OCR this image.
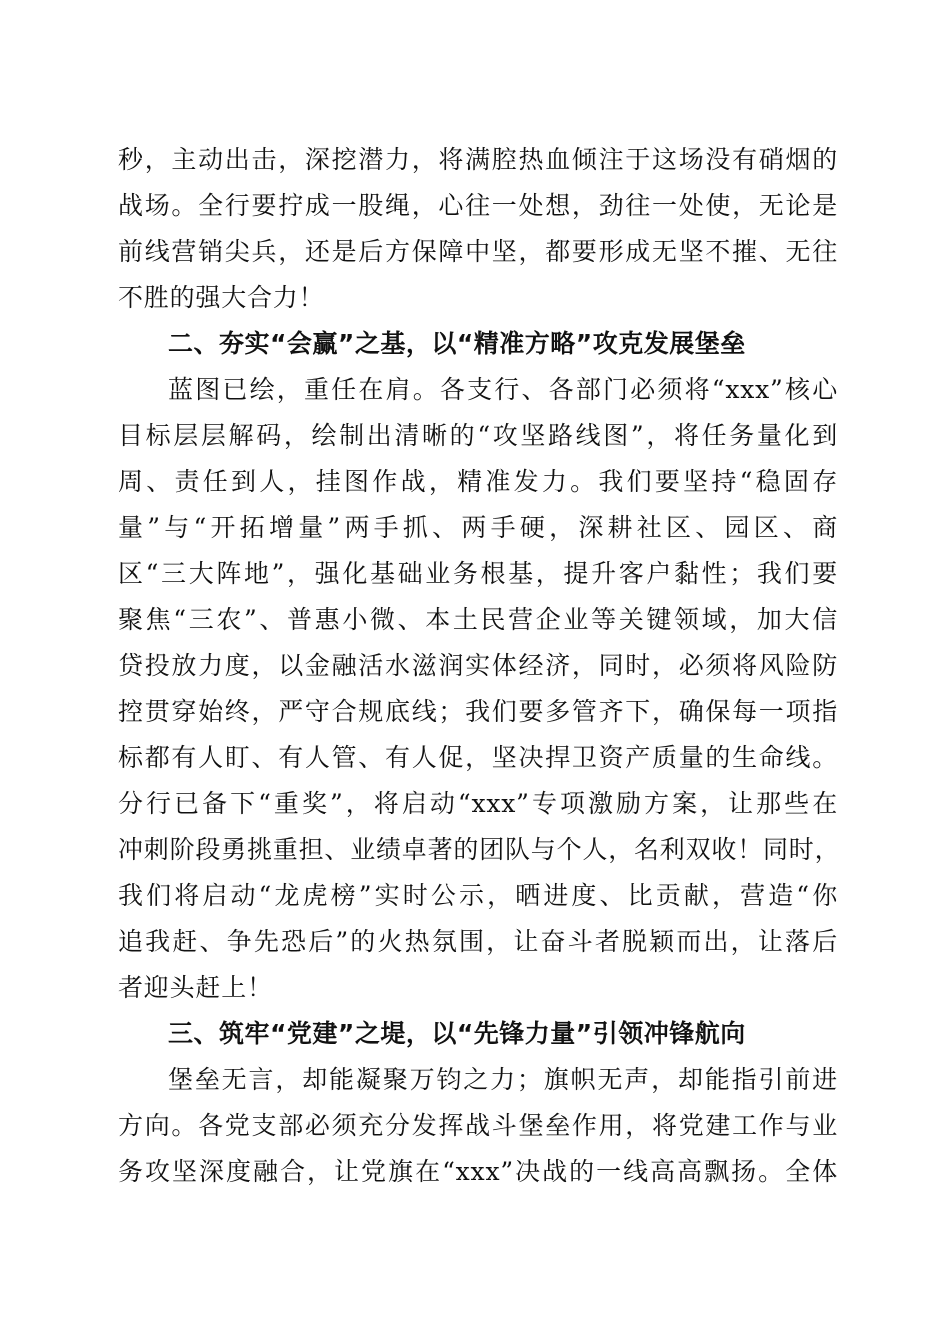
秒，主动出击，深挖潜力，将满腔热血倾注于这场没有硝烟的
战场。全行要拧成一股绳，心往一处想，劲往一处使，无论是
前线营销尖兵，还是后方保障中坚，都要形成无坚不摧、无往
不胜的强大合力！
二、夯实“会赢”之基，以“精准方略”攻克发展堡垒
蓝图已绘，重任在肩。各支行、各部门必须将“xxx”核心
目标层层解码，绘制出清晰的“攻坚路线图”，将任务量化到
周、责任到人，挂图作战，精准发力。我们要坚持“稳固存
量”与“开拓增量”两手抓、两手硬，深耕社区、园区、商
区“三大阵地”，强化基础业务根基，提升客户黏性；我们要
聚焦“三农”、普惠小微、本土民营企业等关键领域，加大信
贷投放力度，以金融活水滋润实体经济，同时，必须将风险防
控贯穿始终，严守合规底线；我们要多管齐下，确保每一项指
标都有人盯、有人管、有人促，坚决捍卫资产质量的生命线。
分行已备下“重奖”，将启动“xxx”专项激励方案，让那些在
冲刺阶段勇挑重担、业绩卓著的团队与个人，名利双收！同时，
我们将启动“龙虎榜”实时公示，晒进度、比贡献，营造“你
追我赶、争先恐后”的火热氛围，让奋斗者脱颖而出，让落后
者迎头赶上！
三、筑牢“党建”之堤，以“先锋力量”引领冲锋航向
堡垒无言，却能凝聚万钧之力；旗帜无声，却能指引前进
方向。各党支部必须充分发挥战斗堡垒作用，将党建工作与业
务攻坚深度融合，让党旗在“xxx”决战的一线高高飘扬。全体
